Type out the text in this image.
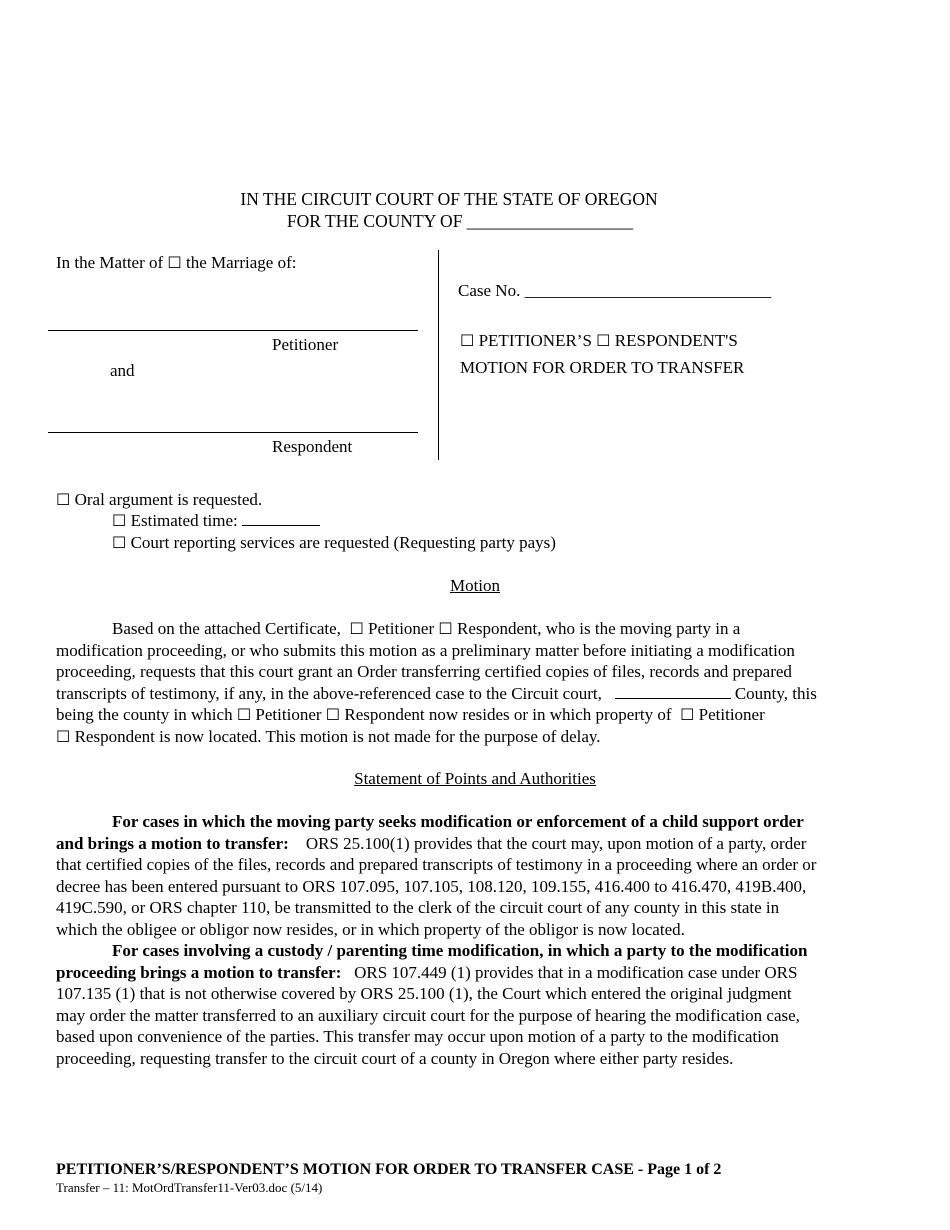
IN THE CIRCUIT COURT OF THE STATE OF OREGON
FOR THE COUNTY OF ___________________
In the Matter of ☐ the Marriage of:
Petitioner
and
Respondent
Case No. _____________________________
☐ PETITIONER’S ☐ RESPONDENT'S
MOTION FOR ORDER TO TRANSFER
☐ Oral argument is requested.
☐ Estimated time:
☐ Court reporting services are requested (Requesting party pays)
Motion
Based on the attached Certificate, ☐ Petitioner ☐ Respondent, who is the moving party in a
modification proceeding, or who submits this motion as a preliminary matter before initiating a modification
proceeding, requests that this court grant an Order transferring certified copies of files, records and prepared
transcripts of testimony, if any, in the above-referenced case to the Circuit court,	County, this
being the county in which ☐ Petitioner ☐ Respondent now resides or in which property of ☐ Petitioner
☐ Respondent is now located. This motion is not made for the purpose of delay.
Statement of Points and Authorities
For cases in which the moving party seeks modification or enforcement of a child support order
and brings a motion to transfer: ORS 25.100(1) provides that the court may, upon motion of a party, order
that certified copies of the files, records and prepared transcripts of testimony in a proceeding where an order or
decree has been entered pursuant to ORS 107.095, 107.105, 108.120, 109.155, 416.400 to 416.470, 419B.400,
419C.590, or ORS chapter 110, be transmitted to the clerk of the circuit court of any county in this state in
which the obligee or obligor now resides, or in which property of the obligor is now located.
For cases involving a custody / parenting time modification, in which a party to the modification
proceeding brings a motion to transfer: ORS 107.449 (1) provides that in a modification case under ORS
107.135 (1) that is not otherwise covered by ORS 25.100 (1), the Court which entered the original judgment
may order the matter transferred to an auxiliary circuit court for the purpose of hearing the modification case,
based upon convenience of the parties. This transfer may occur upon motion of a party to the modification
proceeding, requesting transfer to the circuit court of a county in Oregon where either party resides.
PETITIONER’S/RESPONDENT’S MOTION FOR ORDER TO TRANSFER CASE - Page 1 of 2
Transfer – 11: MotOrdTransfer11-Ver03.doc (5/14)
